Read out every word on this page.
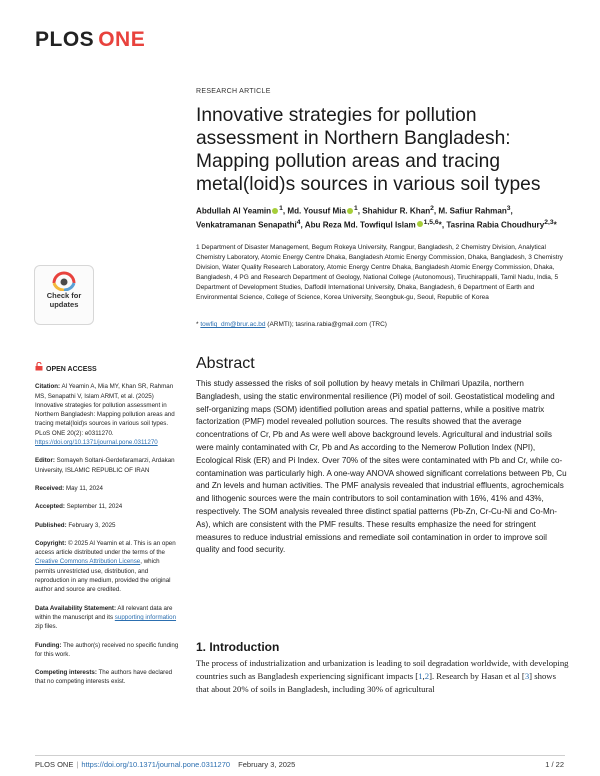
PLOS ONE
RESEARCH ARTICLE
Innovative strategies for pollution assessment in Northern Bangladesh: Mapping pollution areas and tracing metal(loid)s sources in various soil types
Abdullah Al Yeamin $^1$, Md. Yousuf Mia $^1$, Shahidur R. Khan$^2$, M. Safiur Rahman$^3$, Venkatramanan Senapathi$^4$, Abu Reza Md. Towfiqul Islam $^{1,5,6}$*, Tasrina Rabia Choudhury$^{2,3}$*
1 Department of Disaster Management, Begum Rokeya University, Rangpur, Bangladesh, 2 Chemistry Division, Analytical Chemistry Laboratory, Atomic Energy Centre Dhaka, Bangladesh Atomic Energy Commission, Dhaka, Bangladesh, 3 Chemistry Division, Water Quality Research Laboratory, Atomic Energy Centre Dhaka, Bangladesh Atomic Energy Commission, Dhaka, Bangladesh, 4 PG and Research Department of Geology, National College (Autonomous), Tiruchirappalli, Tamil Nadu, India, 5 Department of Development Studies, Daffodil International University, Dhaka, Bangladesh, 6 Department of Earth and Environmental Science, College of Science, Korea University, Seongbuk-gu, Seoul, Republic of Korea
* towfiq_dm@brur.ac.bd (ARMTI); tasrina.rabia@gmail.com (TRC)
Check for
updates
OPEN ACCESS

Citation: Al Yeamin A, Mia MY, Khan SR, Rahman MS, Senapathi V, Islam ARMT, et al. (2025) Innovative strategies for pollution assessment in Northern Bangladesh: Mapping pollution areas and tracing metal(loid)s sources in various soil types. PLoS ONE 20(2): e0311270. https://doi.org/10.1371/journal.pone.0311270

Editor: Somayeh Soltani-Gerdefaramarzi, Ardakan University, ISLAMIC REPUBLIC OF IRAN

Received: May 11, 2024

Accepted: September 11, 2024

Published: February 3, 2025

Copyright: © 2025 Al Yeamin et al. This is an open access article distributed under the terms of the Creative Commons Attribution License, which permits unrestricted use, distribution, and reproduction in any medium, provided the original author and source are credited.

Data Availability Statement: All relevant data are within the manuscript and its supporting information zip files.

Funding: The author(s) received no specific funding for this work.

Competing interests: The authors have declared that no competing interests exist.

Abstract
This study assessed the risks of soil pollution by heavy metals in Chilmari Upazila, northern Bangladesh, using the static environmental resilience (Pi) model of soil. Geostatistical modeling and self-organizing maps (SOM) identified pollution areas and spatial patterns, while a positive matrix factorization (PMF) model revealed pollution sources. The results showed that the average concentrations of Cr, Pb and As were well above background levels. Agricultural and industrial soils were mainly contaminated with Cr, Pb and As according to the Nemerow Pollution Index (NPI), Ecological Risk (ER) and Pi Index. Over 70% of the sites were contaminated with Pb and Cr, while co-contamination was particularly high. A one-way ANOVA showed significant correlations between Pb, Cu and Zn levels and human activities. The PMF analysis revealed that industrial effluents, agrochemicals and lithogenic sources were the main contributors to soil contamination with 16%, 41% and 43%, respectively. The SOM analysis revealed three distinct spatial patterns (Pb-Zn, Cr-Cu-Ni and Co-Mn-As), which are consistent with the PMF results. These results emphasize the need for stringent measures to reduce industrial emissions and remediate soil contamination in order to improve soil quality and food security.
1. Introduction
The process of industrialization and urbanization is leading to soil degradation worldwide, with developing countries such as Bangladesh experiencing significant impacts [1,2]. Research by Hasan et al [3] shows that about 20% of soils in Bangladesh, including 30% of agricultural
PLOS ONE | https://doi.org/10.1371/journal.pone.0311270 February 3, 2025	1 / 22
